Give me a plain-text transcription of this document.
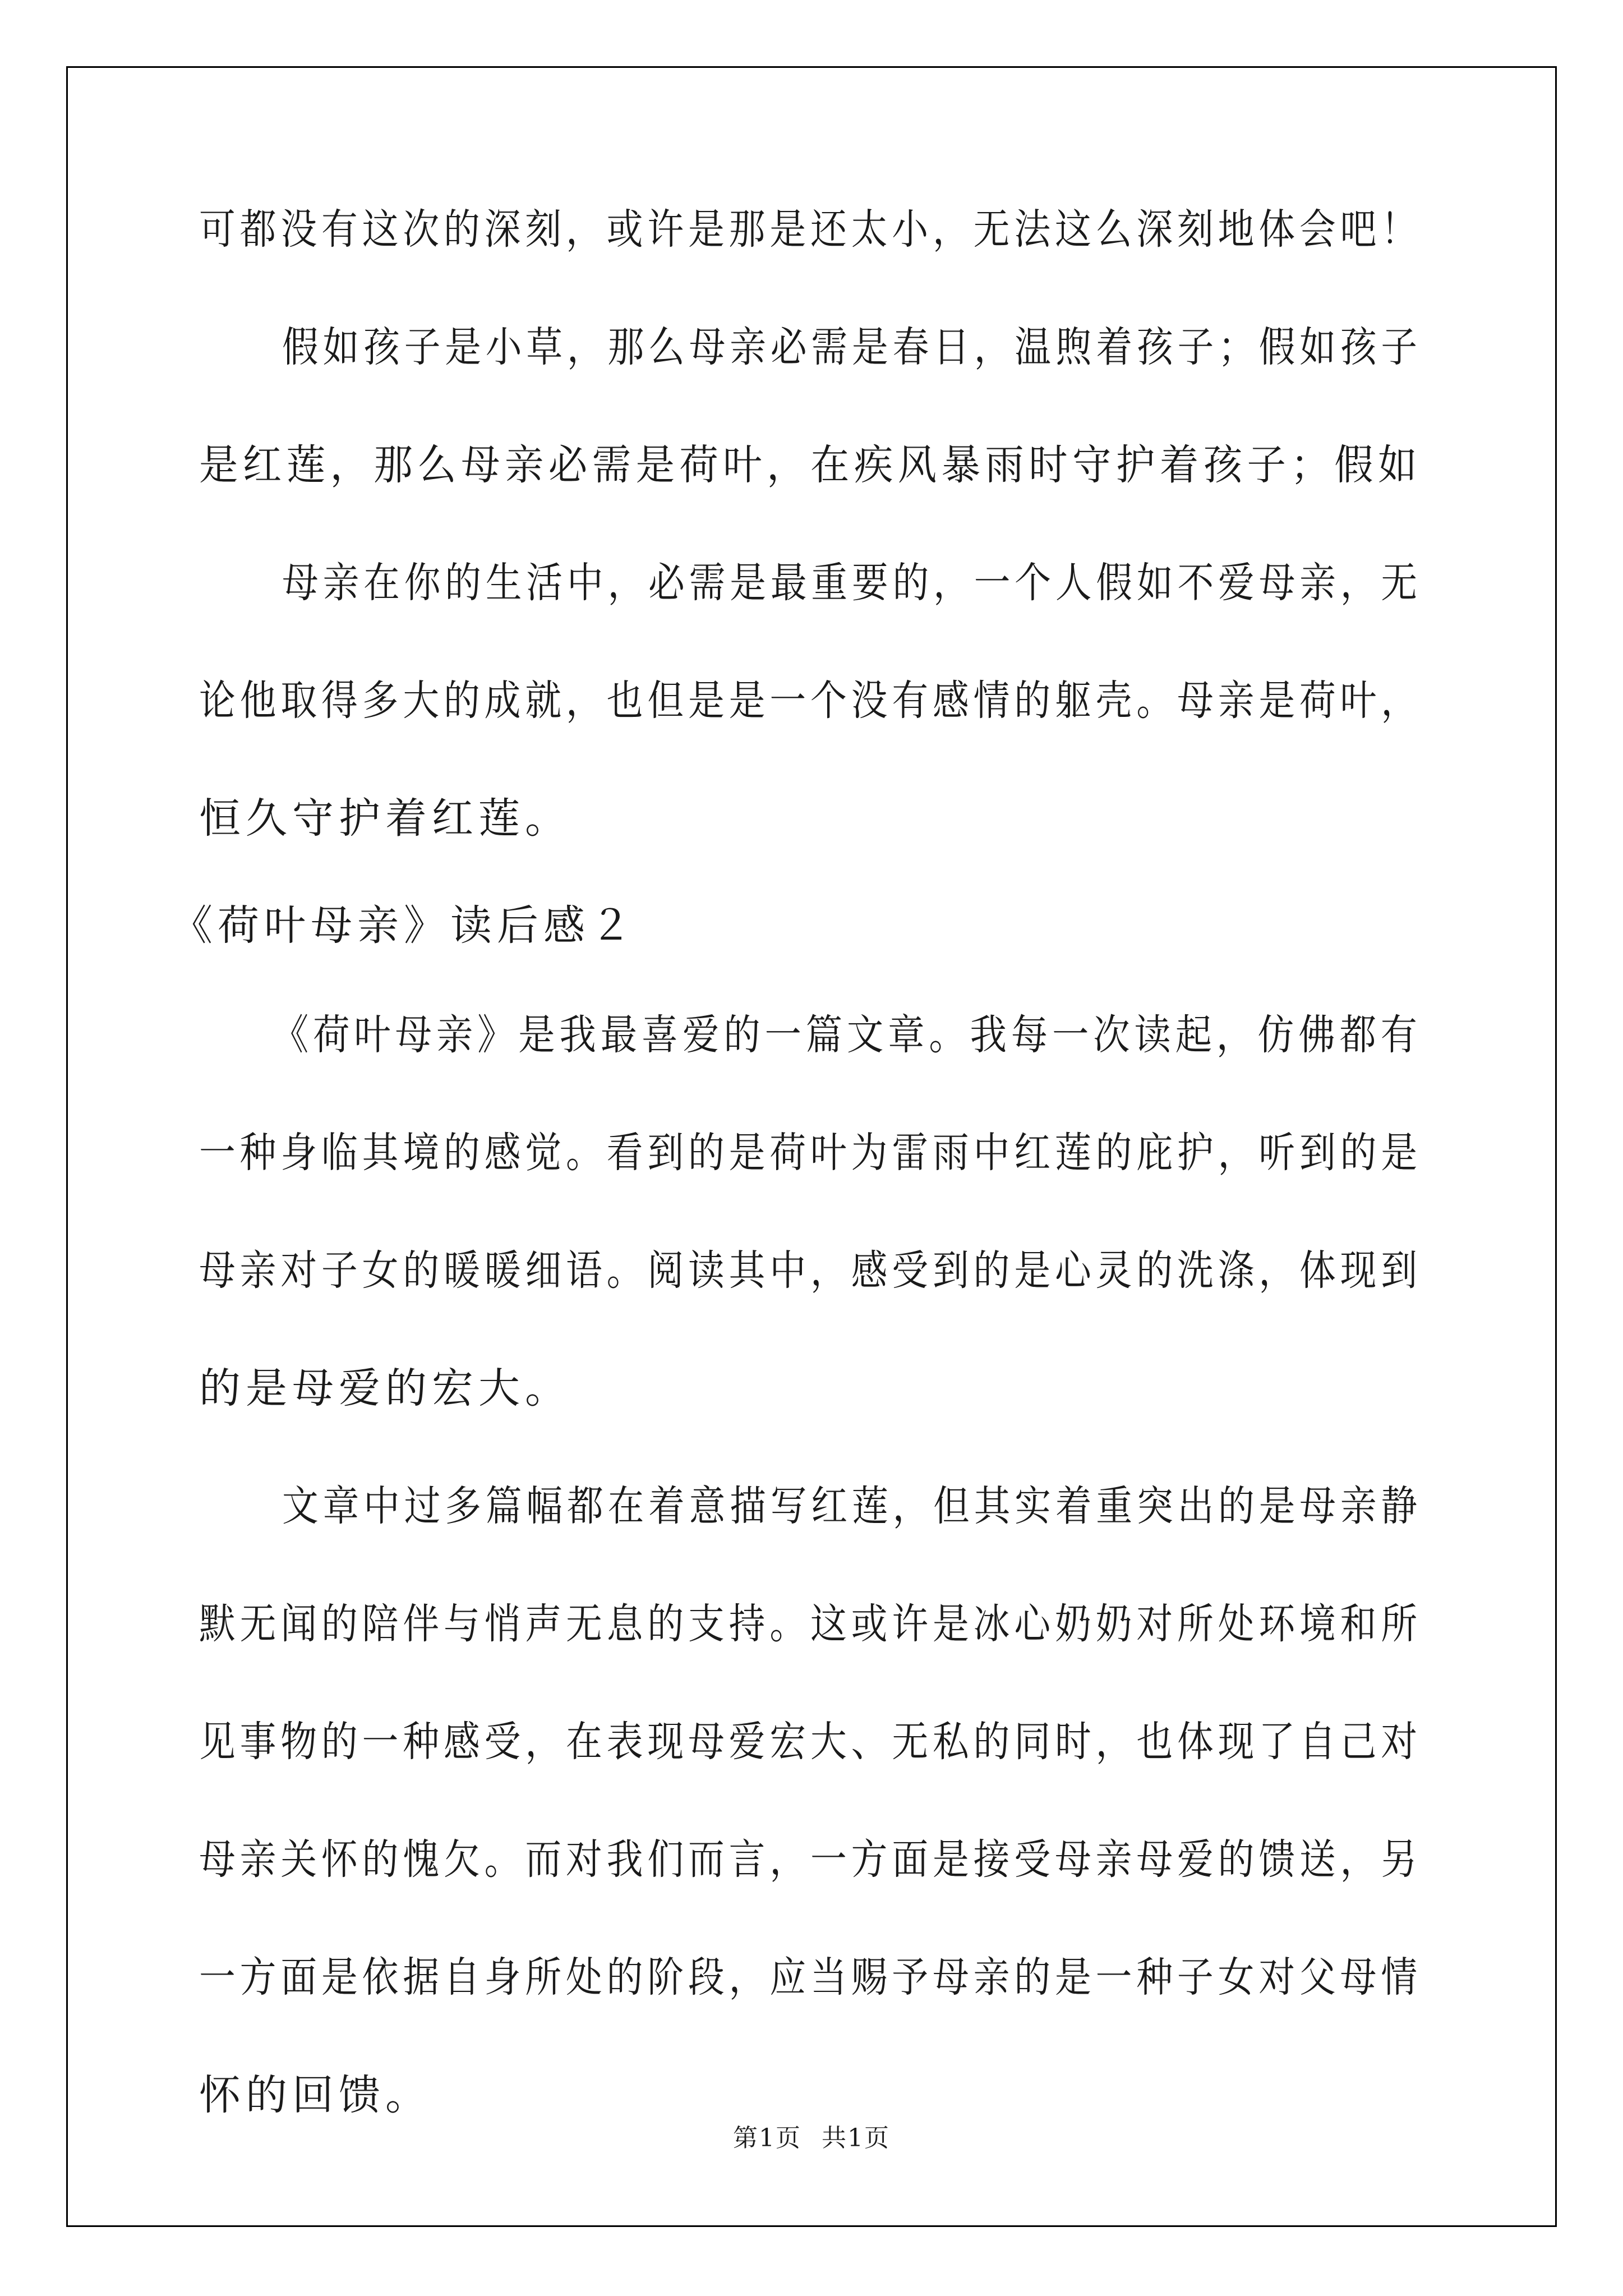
可都没有这次的深刻，或许是那是还太小，无法这么深刻地体会吧！
假如孩子是小草，那么母亲必需是春日，温煦着孩子；假如孩子
是红莲，那么母亲必需是荷叶，在疾风暴雨时守护着孩子；假如
母亲在你的生活中，必需是最重要的，一个人假如不爱母亲，无
论他取得多大的成就，也但是是一个没有感情的躯壳。母亲是荷叶，
恒久守护着红莲。
《荷叶母亲》读后感２
《荷叶母亲》是我最喜爱的一篇文章。我每一次读起，仿佛都有
一种身临其境的感觉。看到的是荷叶为雷雨中红莲的庇护，听到的是
母亲对子女的暖暖细语。阅读其中，感受到的是心灵的洗涤，体现到
的是母爱的宏大。
文章中过多篇幅都在着意描写红莲，但其实着重突出的是母亲静
默无闻的陪伴与悄声无息的支持。这或许是冰心奶奶对所处环境和所
见事物的一种感受，在表现母爱宏大、无私的同时，也体现了自己对
母亲关怀的愧欠。而对我们而言，一方面是接受母亲母爱的馈送，另
一方面是依据自身所处的阶段，应当赐予母亲的是一种子女对父母情
怀的回馈。
第1页 共1页
